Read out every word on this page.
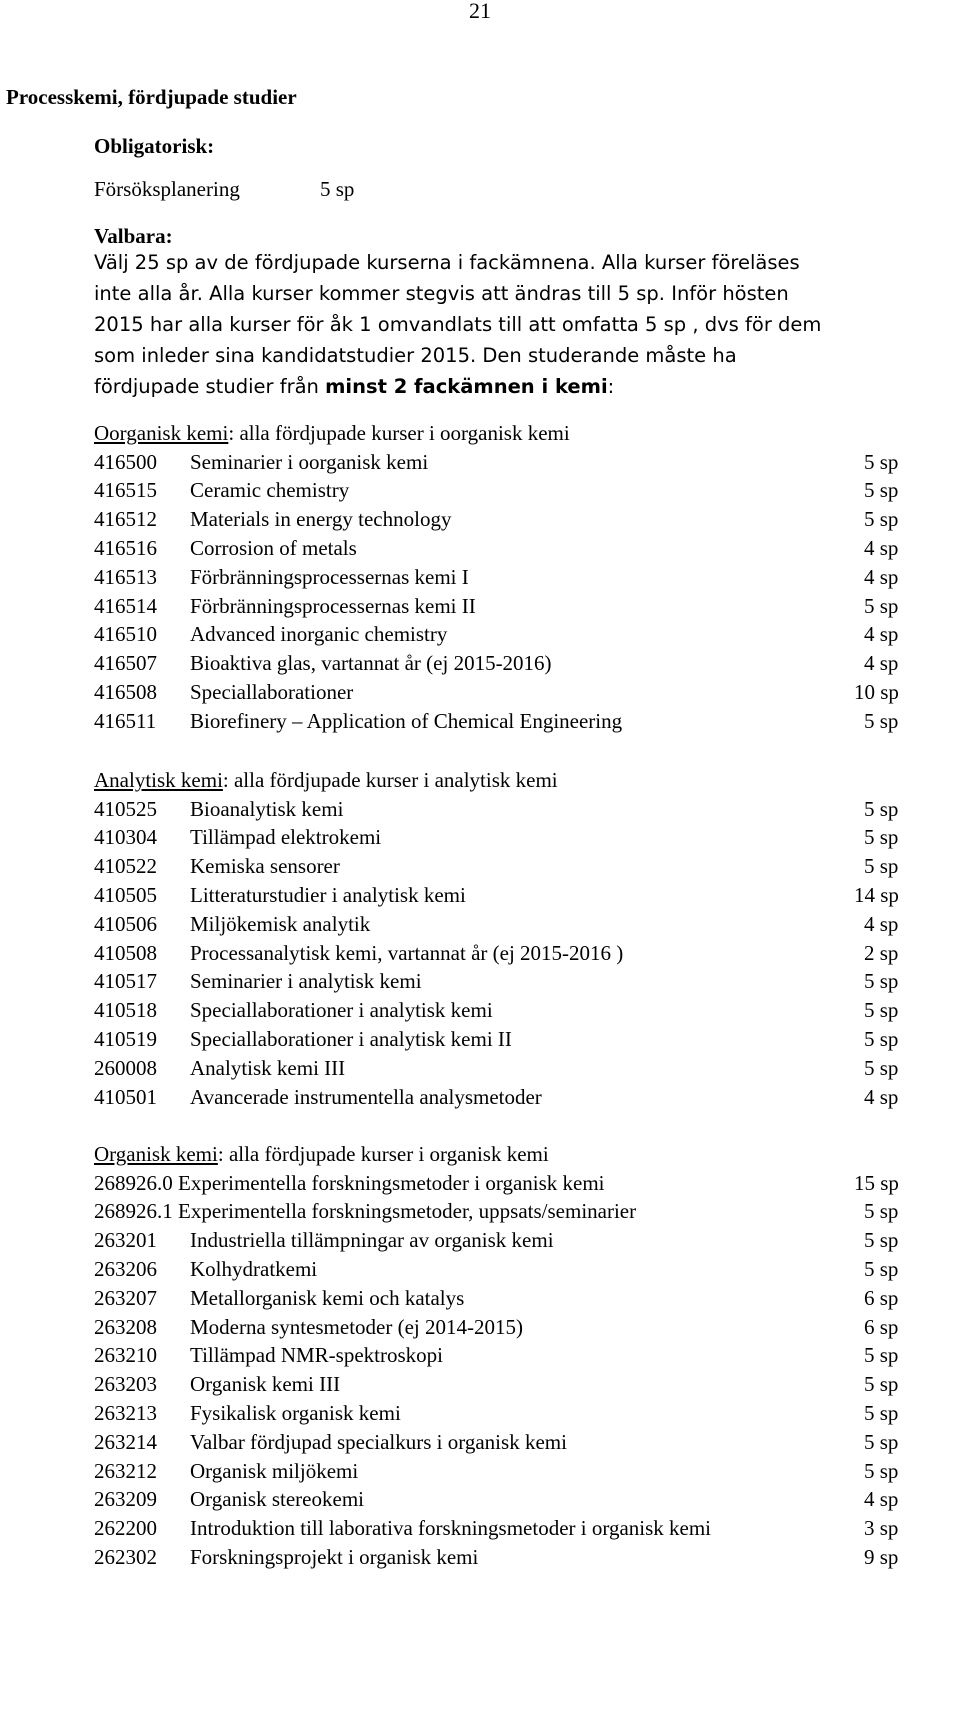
21
Processkemi, fördjupade studier
Obligatorisk:
Försöksplanering	5 sp
Valbara:
Välj 25 sp av de fördjupade kurserna i fackämnena. Alla kurser föreläses
inte alla år. Alla kurser kommer stegvis att ändras till 5 sp. Inför hösten
2015 har alla kurser för åk 1 omvandlats till att omfatta 5 sp , dvs för dem
som inleder sina kandidatstudier 2015. Den studerande måste ha
fördjupade studier från minst 2 fackämnen i kemi:
Oorganisk kemi: alla fördjupade kurser i oorganisk kemi
416500 Seminarier i oorganisk kemi	5 sp
416515 Ceramic chemistry	5 sp
416512 Materials in energy technology	5 sp
416516 Corrosion of metals	4 sp
416513 Förbränningsprocessernas kemi I	4 sp
416514 Förbränningsprocessernas kemi II	5 sp
416510 Advanced inorganic chemistry	4 sp
416507 Bioaktiva glas, vartannat år (ej 2015-2016)	4 sp
416508 Speciallaborationer	10 sp
416511 Biorefinery – Application of Chemical Engineering	5 sp
Analytisk kemi: alla fördjupade kurser i analytisk kemi
410525 Bioanalytisk kemi	5 sp
410304 Tillämpad elektrokemi	5 sp
410522 Kemiska sensorer	5 sp
410505 Litteraturstudier i analytisk kemi	14 sp
410506 Miljökemisk analytik	4 sp
410508 Processanalytisk kemi, vartannat år (ej 2015-2016 )	2 sp
410517 Seminarier i analytisk kemi	5 sp
410518 Speciallaborationer i analytisk kemi	5 sp
410519 Speciallaborationer i analytisk kemi II	5 sp
260008 Analytisk kemi III	5 sp
410501 Avancerade instrumentella analysmetoder	4 sp
Organisk kemi: alla fördjupade kurser i organisk kemi
268926.0 Experimentella forskningsmetoder i organisk kemi	15 sp
268926.1 Experimentella forskningsmetoder, uppsats/seminarier	5 sp
263201 Industriella tillämpningar av organisk kemi	5 sp
263206 Kolhydratkemi	5 sp
263207 Metallorganisk kemi och katalys	6 sp
263208 Moderna syntesmetoder (ej 2014-2015)	6 sp
263210 Tillämpad NMR-spektroskopi	5 sp
263203 Organisk kemi III	5 sp
263213 Fysikalisk organisk kemi	5 sp
263214 Valbar fördjupad specialkurs i organisk kemi	5 sp
263212 Organisk miljökemi	5 sp
263209 Organisk stereokemi	4 sp
262200 Introduktion till laborativa forskningsmetoder i organisk kemi	3 sp
262302 Forskningsprojekt i organisk kemi	9 sp
